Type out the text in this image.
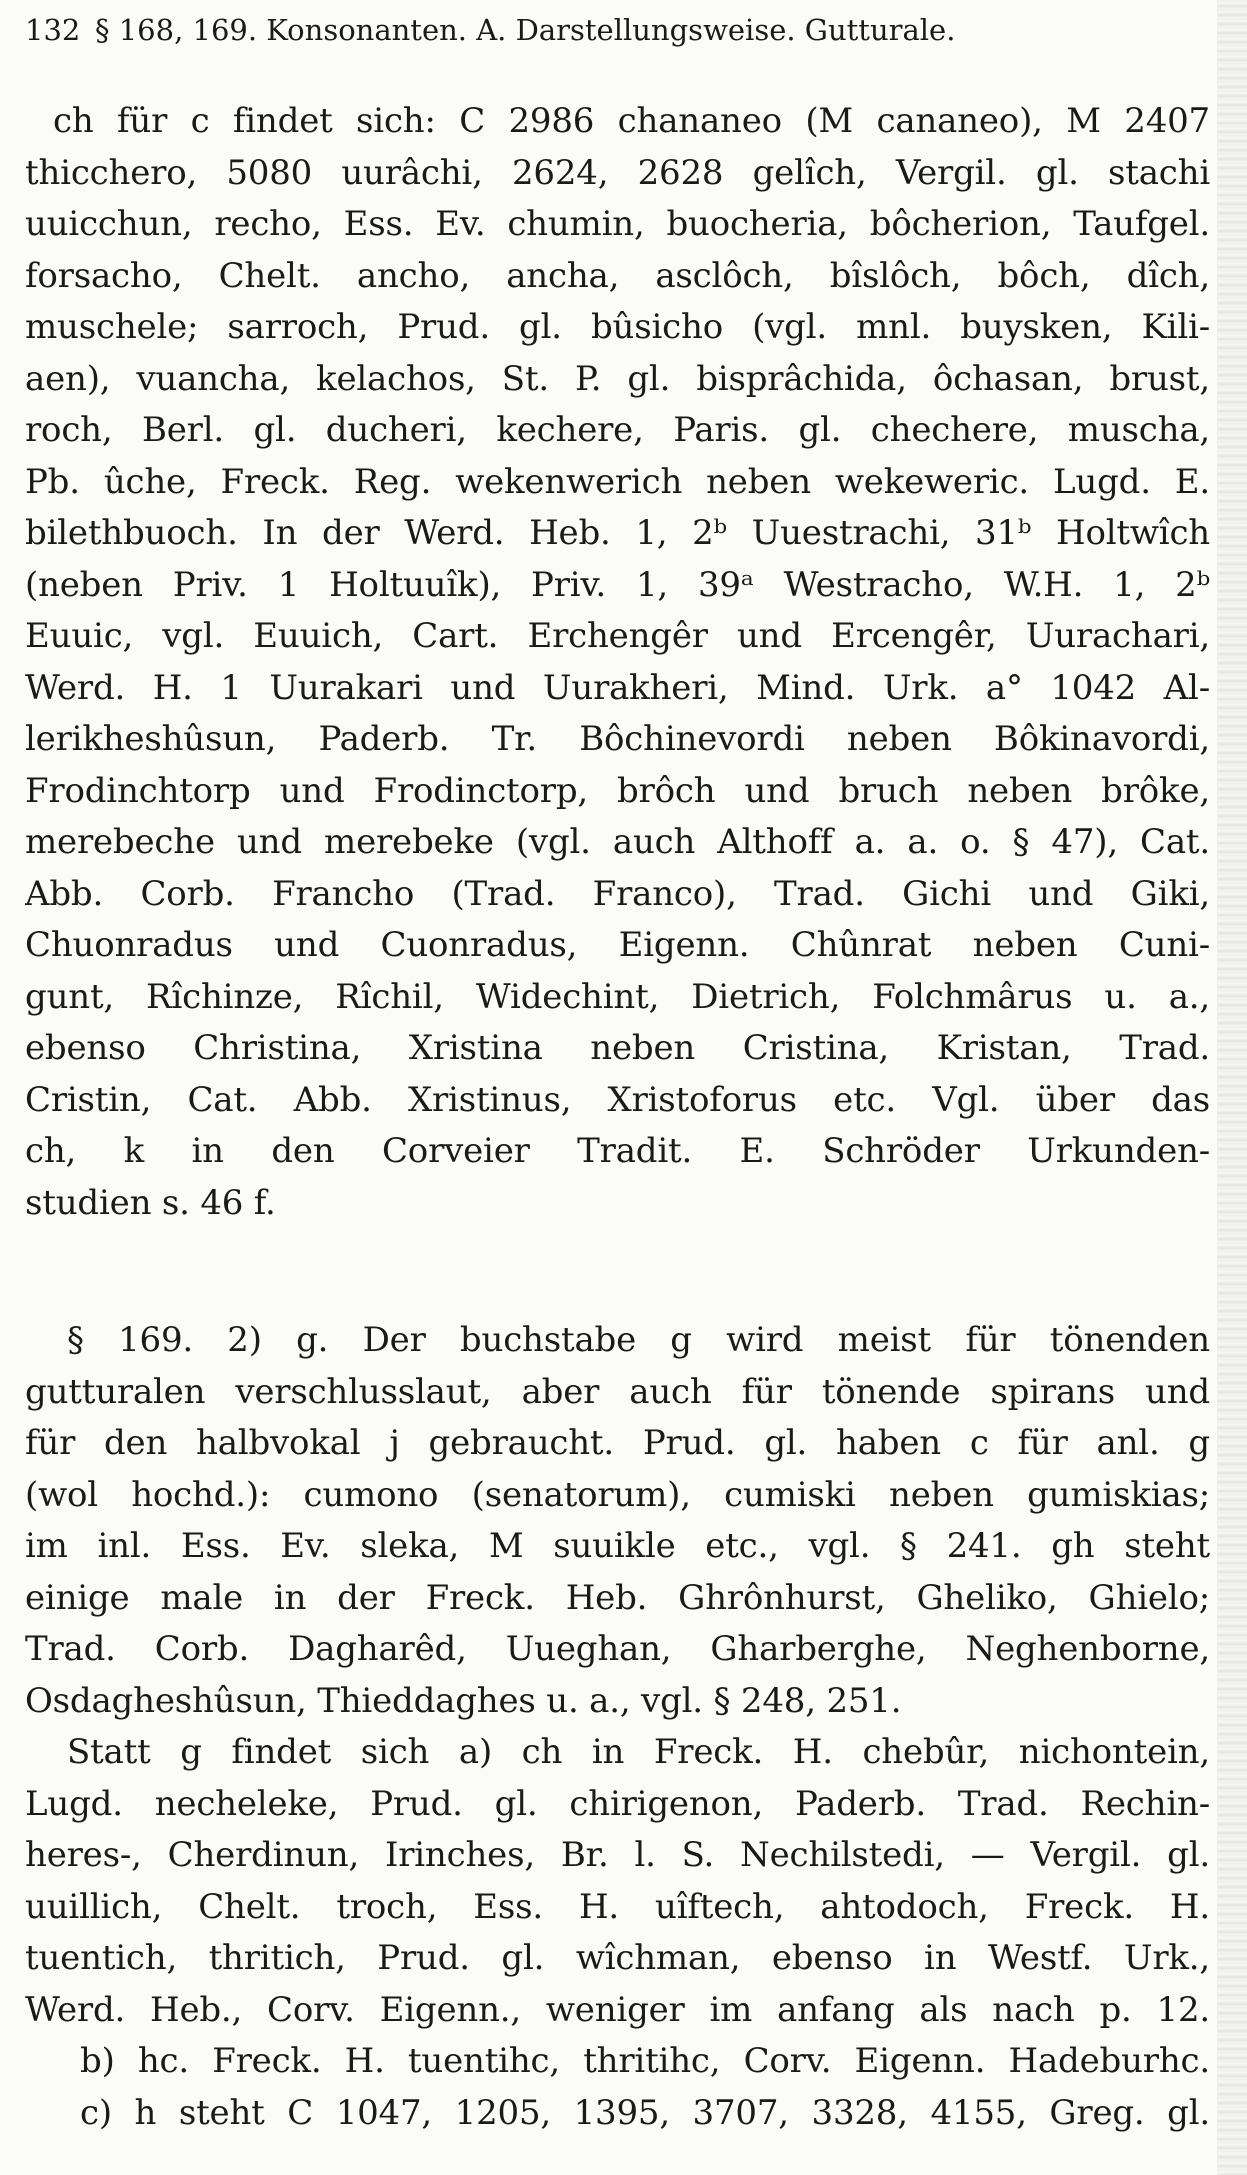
132 § 168, 169. Konsonanten. A. Darstellungsweise. Gutturale.
ch für c findet sich: C 2986 chananeo (M cananeo), M 2407
thicchero, 5080 uurâchi, 2624, 2628 gelîch, Vergil. gl. stachi
uuicchun, recho, Ess. Ev. chumin, buocheria, bôcherion, Taufgel.
forsacho, Chelt. ancho, ancha, asclôch, bîslôch, bôch, dîch,
muschele; sarroch, Prud. gl. bûsicho (vgl. mnl. buysken, Kili-
aen), vuancha, kelachos, St. P. gl. bisprâchida, ôchasan, brust,
roch, Berl. gl. ducheri, kechere, Paris. gl. chechere, muscha,
Pb. ûche, Freck. Reg. wekenwerich neben wekeweric. Lugd. E.
bilethbuoch. In der Werd. Heb. 1, 2ᵇ Uuestrachi, 31ᵇ Holtwîch
(neben Priv. 1 Holtuuîk), Priv. 1, 39ᵃ Westracho, W.H. 1, 2ᵇ
Euuic, vgl. Euuich, Cart. Erchengêr und Ercengêr, Uurachari,
Werd. H. 1 Uurakari und Uurakheri, Mind. Urk. a° 1042 Al-
lerikheshûsun, Paderb. Tr. Bôchinevordi neben Bôkinavordi,
Frodinchtorp und Frodinctorp, brôch und bruch neben brôke,
merebeche und merebeke (vgl. auch Althoff a. a. o. § 47), Cat.
Abb. Corb. Francho (Trad. Franco), Trad. Gichi und Giki,
Chuonradus und Cuonradus, Eigenn. Chûnrat neben Cuni-
gunt, Rîchinze, Rîchil, Widechint, Dietrich, Folchmârus u. a.,
ebenso Christina, Xristina neben Cristina, Kristan, Trad.
Cristin, Cat. Abb. Xristinus, Xristoforus etc. Vgl. über das
ch, k in den Corveier Tradit. E. Schröder Urkunden-
studien s. 46 f.
§ 169. 2) g. Der buchstabe g wird meist für tönenden
gutturalen verschlusslaut, aber auch für tönende spirans und
für den halbvokal j gebraucht. Prud. gl. haben c für anl. g
(wol hochd.): cumono (senatorum), cumiski neben gumiskias;
im inl. Ess. Ev. sleka, M suuikle etc., vgl. § 241. gh steht
einige male in der Freck. Heb. Ghrônhurst, Gheliko, Ghielo;
Trad. Corb. Dagharêd, Uueghan, Gharberghe, Neghenborne,
Osdagheshûsun, Thieddaghes u. a., vgl. § 248, 251.
Statt g findet sich a) ch in Freck. H. chebûr, nichontein,
Lugd. necheleke, Prud. gl. chirigenon, Paderb. Trad. Rechin-
heres-, Cherdinun, Irinches, Br. l. S. Nechilstedi, — Vergil. gl.
uuillich, Chelt. troch, Ess. H. uîftech, ahtodoch, Freck. H.
tuentich, thritich, Prud. gl. wîchman, ebenso in Westf. Urk.,
Werd. Heb., Corv. Eigenn., weniger im anfang als nach p. 12.
b) hc. Freck. H. tuentihc, thritihc, Corv. Eigenn. Hadeburhc.
c) h steht C 1047, 1205, 1395, 3707, 3328, 4155, Greg. gl.
